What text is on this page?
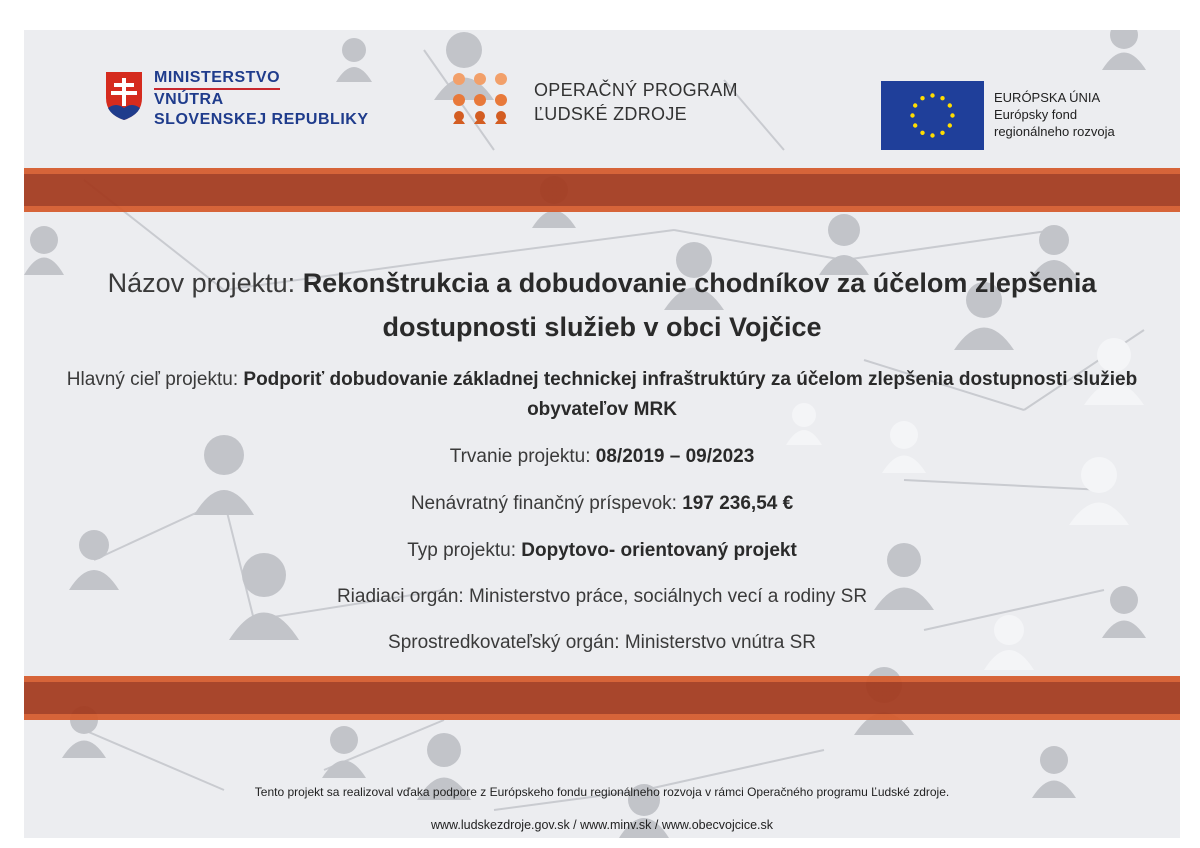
MINISTERSTVO
VNÚTRA
SLOVENSKEJ REPUBLIKY
OPERAČNÝ PROGRAM
ĽUDSKÉ ZDROJE
EURÓPSKA ÚNIA
Európsky fond
regionálneho rozvoja
Názov projektu: Rekonštrukcia a dobudovanie chodníkov za účelom zlepšenia
dostupnosti služieb v obci Vojčice
Hlavný cieľ projektu: Podporiť dobudovanie základnej technickej infraštruktúry za účelom zlepšenia dostupnosti služieb
obyvateľov MRK
Trvanie projektu: 08/2019 – 09/2023
Nenávratný finančný príspevok: 197 236,54 €
Typ projektu: Dopytovo- orientovaný projekt
Riadiaci orgán: Ministerstvo práce, sociálnych vecí a rodiny SR
Sprostredkovateľský orgán: Ministerstvo vnútra SR
Tento projekt sa realizoval vďaka podpore z Európskeho fondu regionálneho rozvoja v rámci Operačného programu Ľudské zdroje.
www.ludskezdroje.gov.sk / www.minv.sk / www.obecvojcice.sk
